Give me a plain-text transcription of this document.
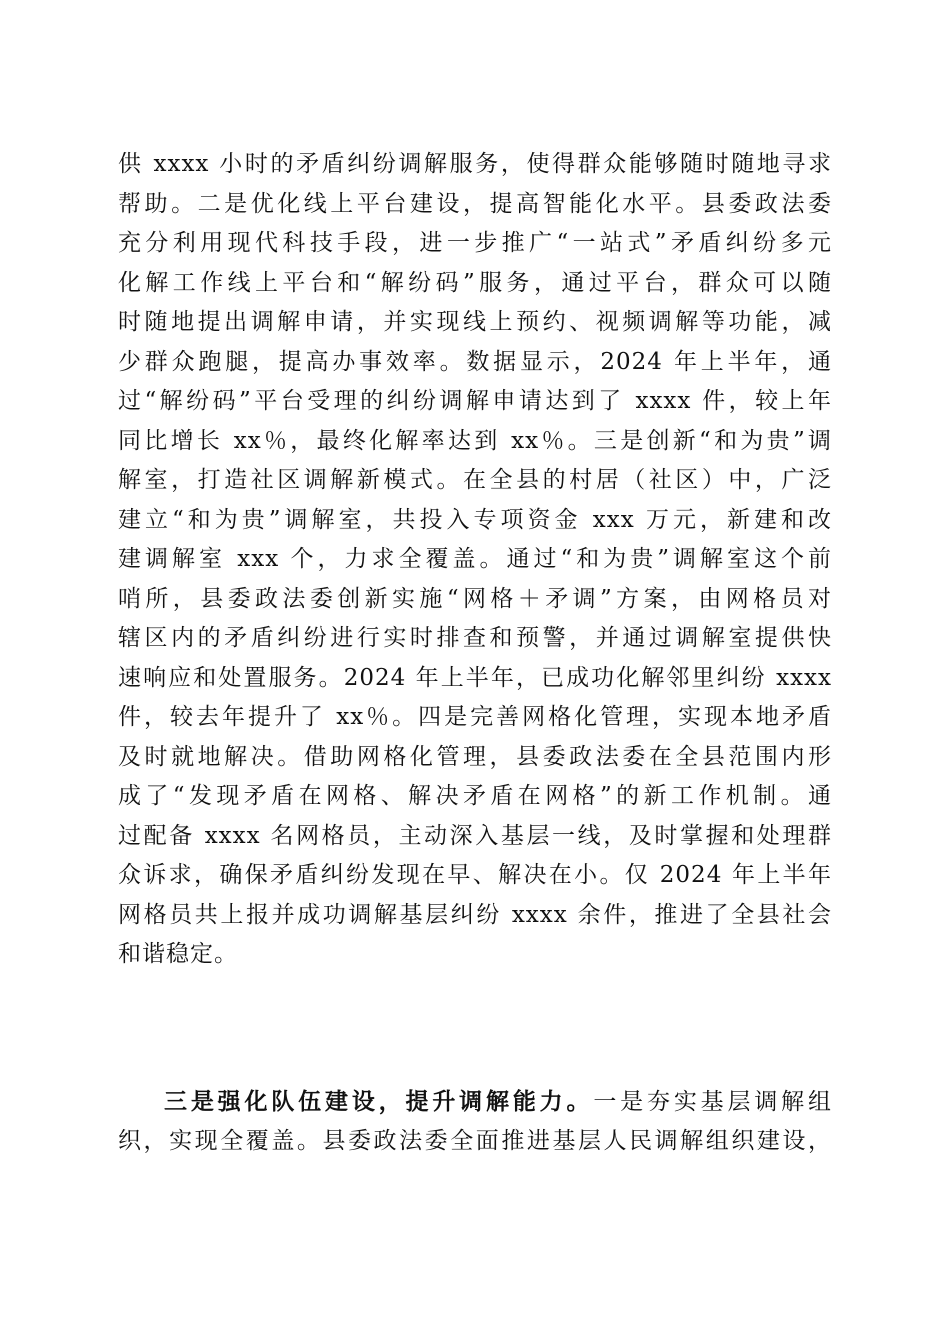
供 xxxx 小时的矛盾纠纷调解服务，使得群众能够随时随地寻求
帮助。二是优化线上平台建设，提高智能化水平。县委政法委
充分利用现代科技手段，进一步推广“一站式”矛盾纠纷多元
化解工作线上平台和“解纷码”服务，通过平台，群众可以随
时随地提出调解申请，并实现线上预约、视频调解等功能，减
少群众跑腿，提高办事效率。数据显示，2024 年上半年，通
过“解纷码”平台受理的纠纷调解申请达到了 xxxx 件，较上年
同比增长 xx％，最终化解率达到 xx％。三是创新“和为贵”调
解室，打造社区调解新模式。在全县的村居（社区）中，广泛
建立“和为贵”调解室，共投入专项资金 xxx 万元，新建和改
建调解室 xxx 个，力求全覆盖。通过“和为贵”调解室这个前
哨所，县委政法委创新实施“网格＋矛调”方案，由网格员对
辖区内的矛盾纠纷进行实时排查和预警，并通过调解室提供快
速响应和处置服务。2024 年上半年，已成功化解邻里纠纷 xxxx
件，较去年提升了 xx％。四是完善网格化管理，实现本地矛盾
及时就地解决。借助网格化管理，县委政法委在全县范围内形
成了“发现矛盾在网格、解决矛盾在网格”的新工作机制。通
过配备 xxxx 名网格员，主动深入基层一线，及时掌握和处理群
众诉求，确保矛盾纠纷发现在早、解决在小。仅 2024 年上半年
网格员共上报并成功调解基层纠纷 xxxx 余件，推进了全县社会
和谐稳定。
三是强化队伍建设，提升调解能力。一是夯实基层调解组
织，实现全覆盖。县委政法委全面推进基层人民调解组织建设，
